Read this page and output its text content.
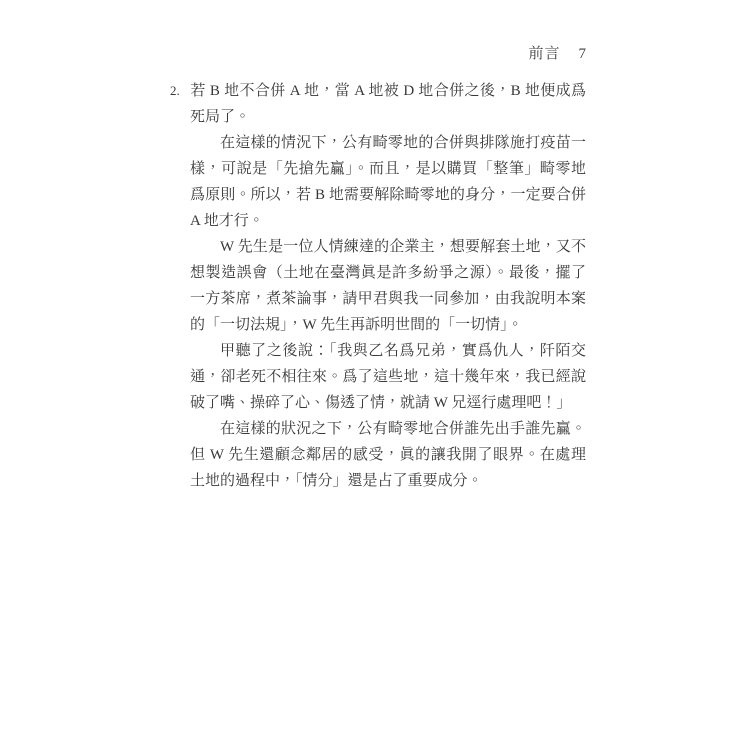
前言 7

2. 若 B 地不合併 A 地，當 A 地被 D 地合併之後，B 地便成爲死局了。

在這樣的情況下，公有畸零地的合併與排隊施打疫苗一樣，可說是「先搶先贏」。而且，是以購買「整筆」畸零地爲原則。所以，若 B 地需要解除畸零地的身分，一定要合併 A 地才行。

W 先生是一位人情練達的企業主，想要解套土地，又不想製造誤會（土地在臺灣眞是許多紛爭之源）。最後，擺了一方茶席，煮茶論事，請甲君與我一同參加，由我說明本案的「一切法規」，W 先生再訴明世間的「一切情」。

甲聽了之後說：「我與乙名爲兄弟，實爲仇人，阡陌交通，卻老死不相往來。爲了這些地，這十幾年來，我已經說破了嘴、操碎了心、傷透了情，就請 W 兄逕行處理吧！」

在這樣的狀況之下，公有畸零地合併誰先出手誰先贏。但 W 先生還顧念鄰居的感受，眞的讓我開了眼界。在處理土地的過程中，「情分」還是占了重要成分。
